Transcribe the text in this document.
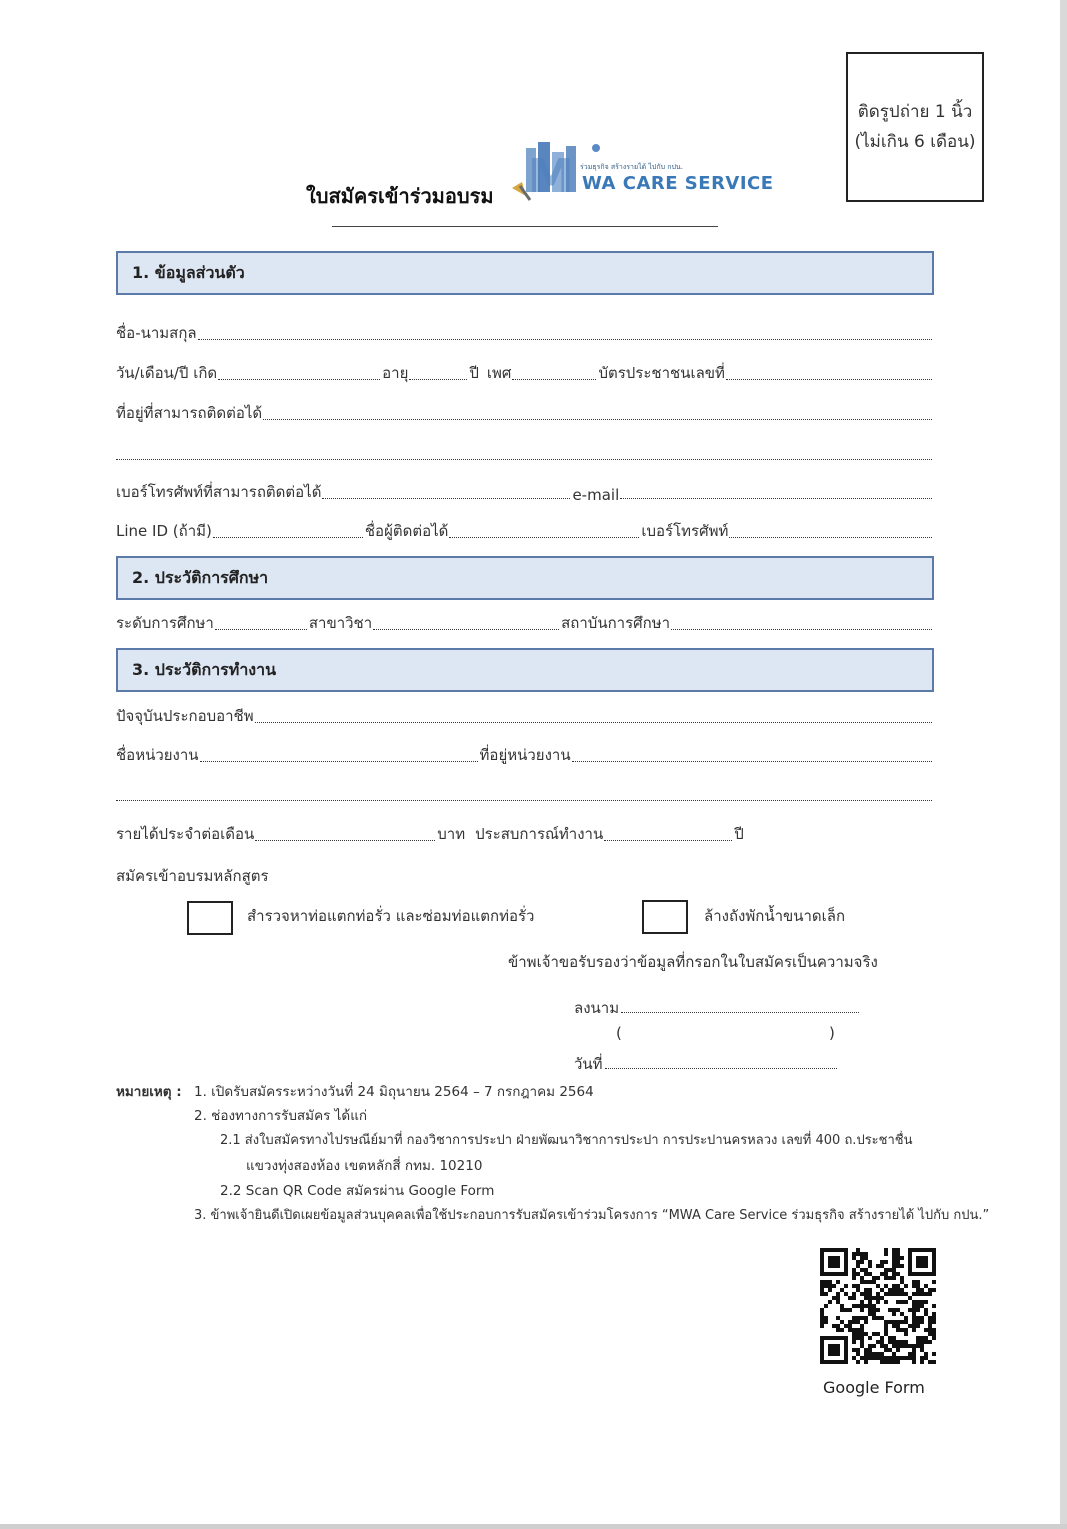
ติดรูปถ่าย 1 นิ้ว
(ไม่เกิน 6 เดือน)
ใบสมัครเข้าร่วมอบรม M ร่วมธุรกิจ สร้างรายได้ ไปกับ กปน.
WA CARE SERVICE
1. ข้อมูลส่วนตัว
ชื่อ-นามสกุล
วัน/เดือน/ปี เกิด	อายุ	ปี เพศ	บัตรประชาชนเลขที่
ที่อยู่ที่สามารถติดต่อได้
เบอร์โทรศัพท์ที่สามารถติดต่อได้	e-mail
Line ID (ถ้ามี)	ชื่อผู้ติดต่อได้	เบอร์โทรศัพท์
2. ประวัติการศึกษา
ระดับการศึกษา	สาขาวิชา	สถาบันการศึกษา
3. ประวัติการทำงาน
ปัจจุบันประกอบอาชีพ
ชื่อหน่วยงาน	ที่อยู่หน่วยงาน
รายได้ประจำต่อเดือน	บาท ประสบการณ์ทำงาน	ปี
สมัครเข้าอบรมหลักสูตร
สำรวจหาท่อแตกท่อรั่ว และซ่อมท่อแตกท่อรั่ว	ล้างถังพักน้ำขนาดเล็ก
ข้าพเจ้าขอรับรองว่าข้อมูลที่กรอกในใบสมัครเป็นความจริง
ลงนาม
(	)
วันที่
หมายเหตุ : 1. เปิดรับสมัครระหว่างวันที่ 24 มิถุนายน 2564 – 7 กรกฎาคม 2564
2. ช่องทางการรับสมัคร ได้แก่
2.1 ส่งใบสมัครทางไปรษณีย์มาที่ กองวิชาการประปา ฝ่ายพัฒนาวิชาการประปา การประปานครหลวง เลขที่ 400 ถ.ประชาชื่น
แขวงทุ่งสองห้อง เขตหลักสี่ กทม. 10210
2.2 Scan QR Code สมัครผ่าน Google Form
3. ข้าพเจ้ายินดีเปิดเผยข้อมูลส่วนบุคคลเพื่อใช้ประกอบการรับสมัครเข้าร่วมโครงการ “MWA Care Service ร่วมธุรกิจ สร้างรายได้ ไปกับ กปน.”
Google Form
